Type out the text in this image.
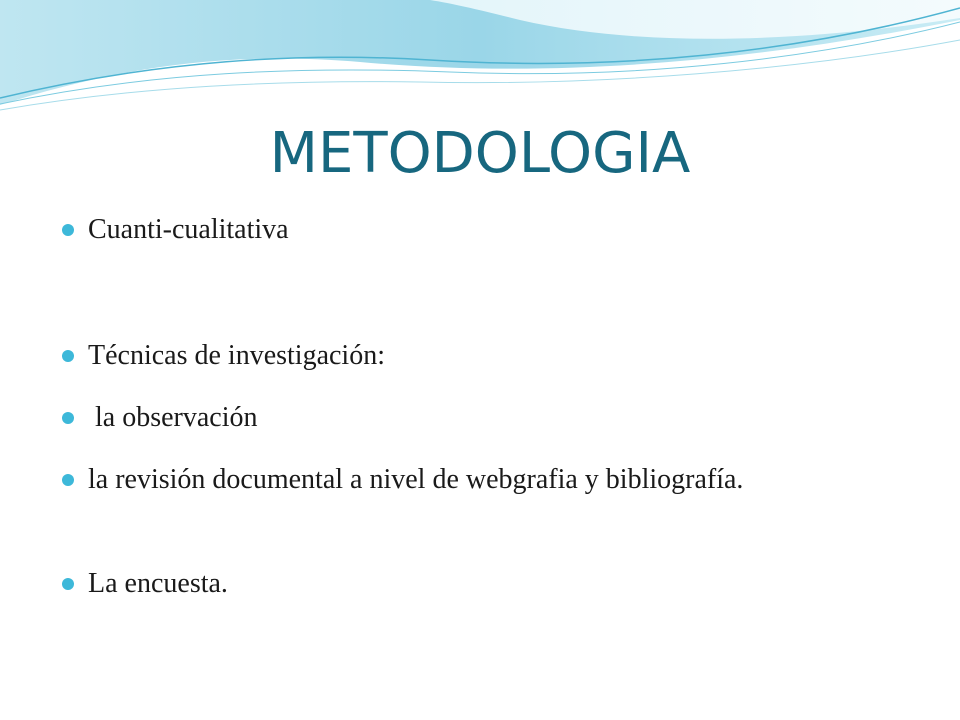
METODOLOGIA
Cuanti-cualitativa
Técnicas de investigación:
la observación
la revisión documental a nivel de webgrafia y bibliografía.
La encuesta.
